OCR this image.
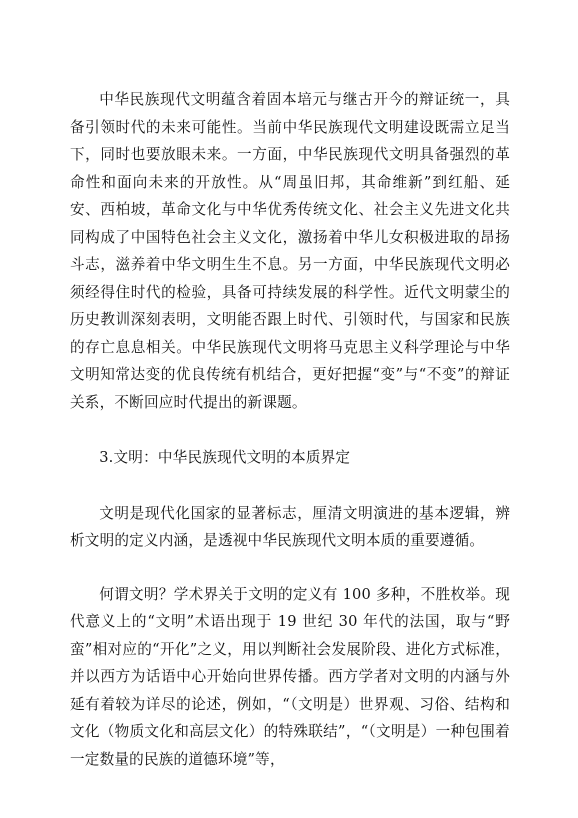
中华民族现代文明蕴含着固本培元与继古开今的辩证统一，具备引领时代的未来可能性。当前中华民族现代文明建设既需立足当下，同时也要放眼未来。一方面，中华民族现代文明具备强烈的革命性和面向未来的开放性。从“周虽旧邦，其命维新”到红船、延安、西柏坡，革命文化与中华优秀传统文化、社会主义先进文化共同构成了中国特色社会主义文化，激扬着中华儿女积极进取的昂扬斗志，滋养着中华文明生生不息。另一方面，中华民族现代文明必须经得住时代的检验，具备可持续发展的科学性。近代文明蒙尘的历史教训深刻表明，文明能否跟上时代、引领时代，与国家和民族的存亡息息相关。中华民族现代文明将马克思主义科学理论与中华文明知常达变的优良传统有机结合，更好把握“变”与“不变”的辩证关系，不断回应时代提出的新课题。

3.文明：中华民族现代文明的本质界定

文明是现代化国家的显著标志，厘清文明演进的基本逻辑，辨析文明的定义内涵，是透视中华民族现代文明本质的重要遵循。

何谓文明？学术界关于文明的定义有 100 多种，不胜枚举。现代意义上的“文明”术语出现于 19 世纪 30 年代的法国，取与“野蛮”相对应的“开化”之义，用以判断社会发展阶段、进化方式标准，并以西方为话语中心开始向世界传播。西方学者对文明的内涵与外延有着较为详尽的论述，例如，“（文明是）世界观、习俗、结构和文化（物质文化和高层文化）的特殊联结”，“（文明是）一种包围着一定数量的民族的道德环境”等，
